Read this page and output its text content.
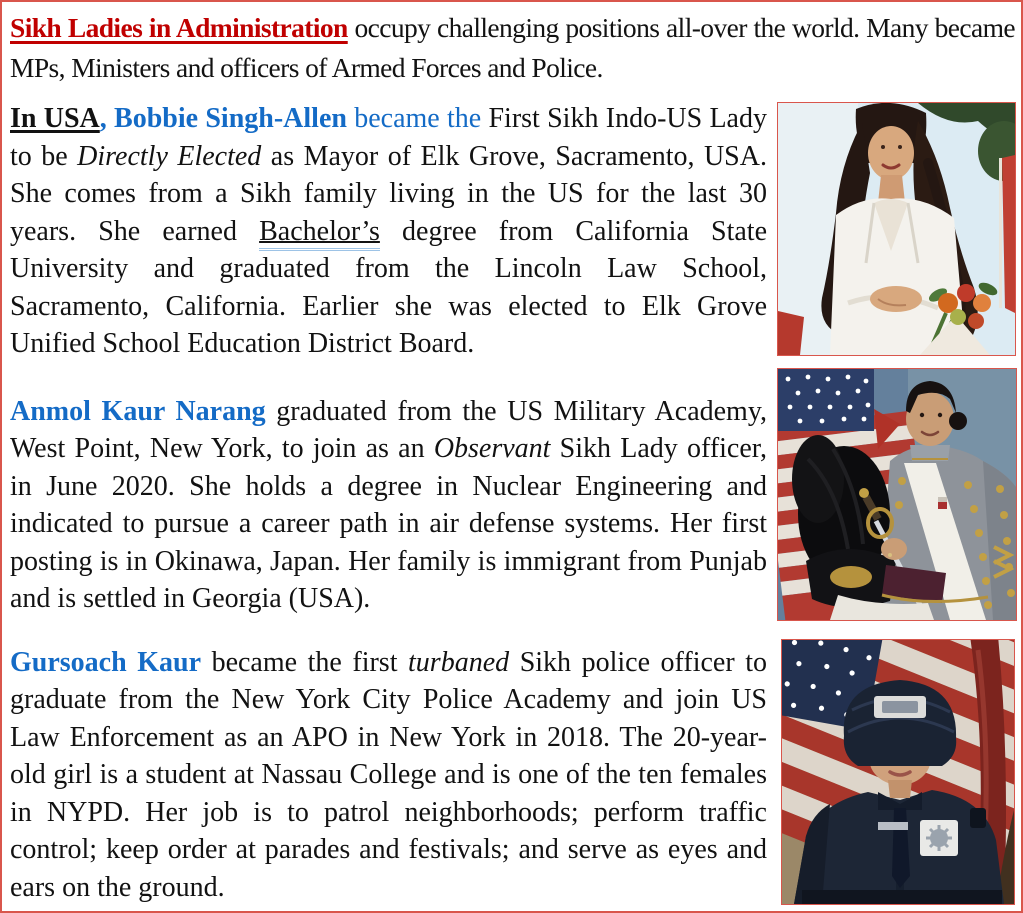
Sikh Ladies in Administration occupy challenging positions all-over the world. Many became MPs, Ministers and officers of Armed Forces and Police.

In USA, Bobbie Singh-Allen became the First Sikh Indo-US Lady to be Directly Elected as Mayor of Elk Grove, Sacramento, USA. She comes from a Sikh family living in the US for the last 30 years. She earned Bachelor’s degree from California State University and graduated from the Lincoln Law School, Sacramento, California. Earlier she was elected to Elk Grove Unified School Education District Board.

Anmol Kaur Narang graduated from the US Military Academy, West Point, New York, to join as an Observant Sikh Lady officer, in June 2020. She holds a degree in Nuclear Engineering and indicated to pursue a career path in air defense systems. Her first posting is in Okinawa, Japan. Her family is immigrant from Punjab and is settled in Georgia (USA).

Gursoach Kaur became the first turbaned Sikh police officer to graduate from the New York City Police Academy and join US Law Enforcement as an APO in New York in 2018. The 20-year-old girl is a student at Nassau College and is one of the ten females in NYPD. Her job is to patrol neighborhoods; perform traffic control; keep order at parades and festivals; and serve as eyes and ears on the ground.
